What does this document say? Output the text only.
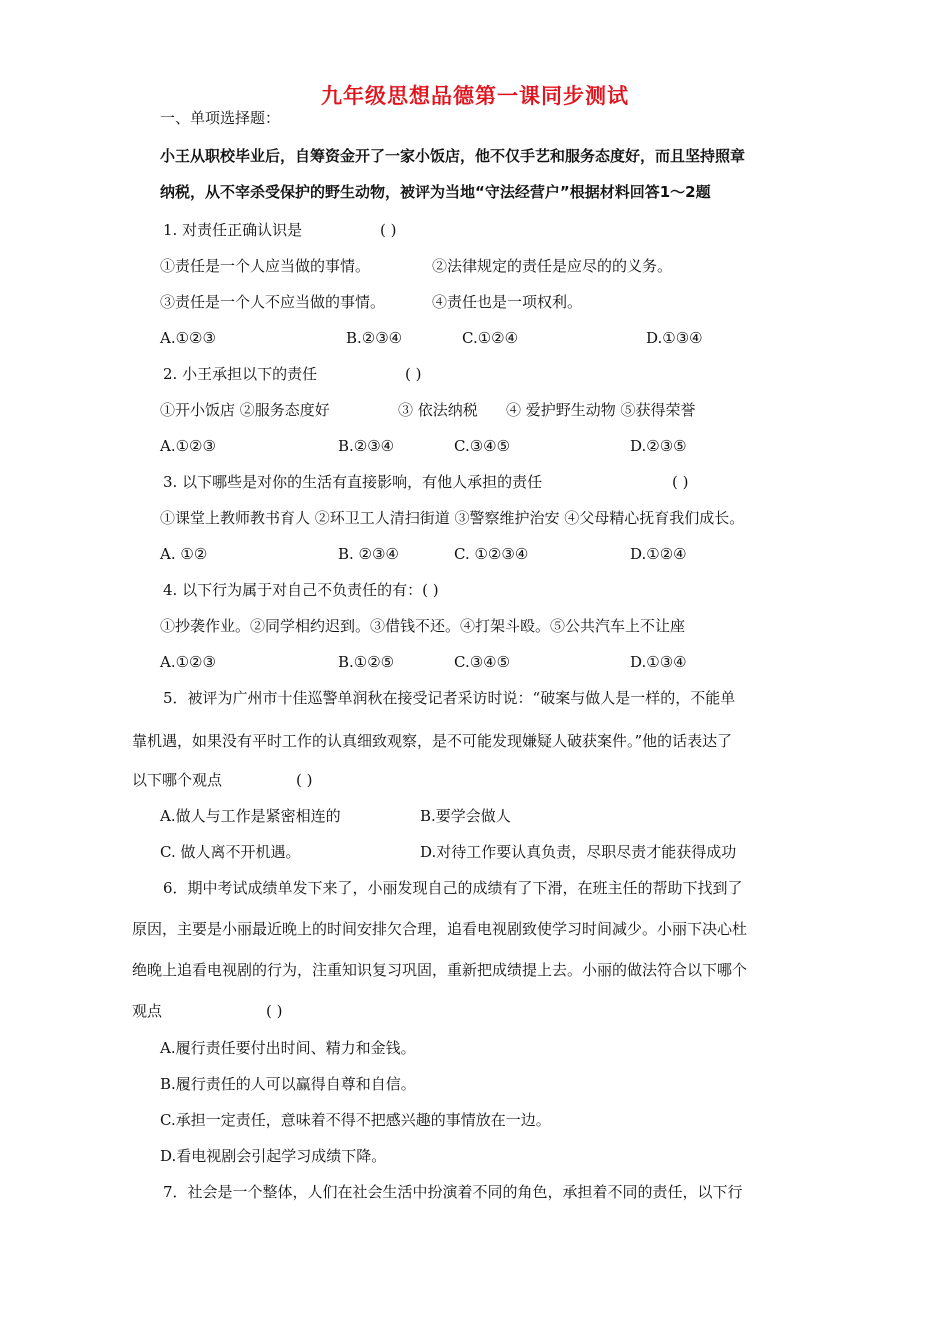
九年级思想品德第一课同步测试
一、单项选择题：
小王从职校毕业后，自筹资金开了一家小饭店，他不仅手艺和服务态度好，而且坚持照章
纳税，从不宰杀受保护的野生动物，被评为当地“守法经营户”根据材料回答1～2题
1. 对责任正确认识是	( )
①责任是一个人应当做的事情。	②法律规定的责任是应尽的的义务。
③责任是一个人不应当做的事情。	④责任也是一项权利。
A.①②③	B.②③④	C.①②④	D.①③④
2. 小王承担以下的责任	( )
①开小饭店 ②服务态度好	③ 依法纳税 ④ 爱护野生动物 ⑤获得荣誉
A.①②③	B.②③④	C.③④⑤	D.②③⑤
3. 以下哪些是对你的生活有直接影响，有他人承担的责任	( )
①课堂上教师教书育人 ②环卫工人清扫街道 ③警察维护治安 ④父母精心抚育我们成长。
A. ①②	B. ②③④	C. ①②③④	D.①②④
4. 以下行为属于对自己不负责任的有：( )
①抄袭作业。②同学相约迟到。③借钱不还。④打架斗殴。⑤公共汽车上不让座
A.①②③	B.①②⑤	C.③④⑤	D.①③④
5．被评为广州市十佳巡警单润秋在接受记者采访时说：“破案与做人是一样的，不能单
靠机遇，如果没有平时工作的认真细致观察，是不可能发现嫌疑人破获案件。”他的话表达了
以下哪个观点	( )
A.做人与工作是紧密相连的	B.要学会做人
C. 做人离不开机遇。	D.对待工作要认真负责，尽职尽责才能获得成功
6．期中考试成绩单发下来了，小丽发现自己的成绩有了下滑，在班主任的帮助下找到了
原因，主要是小丽最近晚上的时间安排欠合理，追看电视剧致使学习时间减少。小丽下决心杜
绝晚上追看电视剧的行为，注重知识复习巩固，重新把成绩提上去。小丽的做法符合以下哪个
观点	( )
A.履行责任要付出时间、精力和金钱。
B.履行责任的人可以赢得自尊和自信。
C.承担一定责任，意味着不得不把感兴趣的事情放在一边。
D.看电视剧会引起学习成绩下降。
7．社会是一个整体，人们在社会生活中扮演着不同的角色，承担着不同的责任，以下行
